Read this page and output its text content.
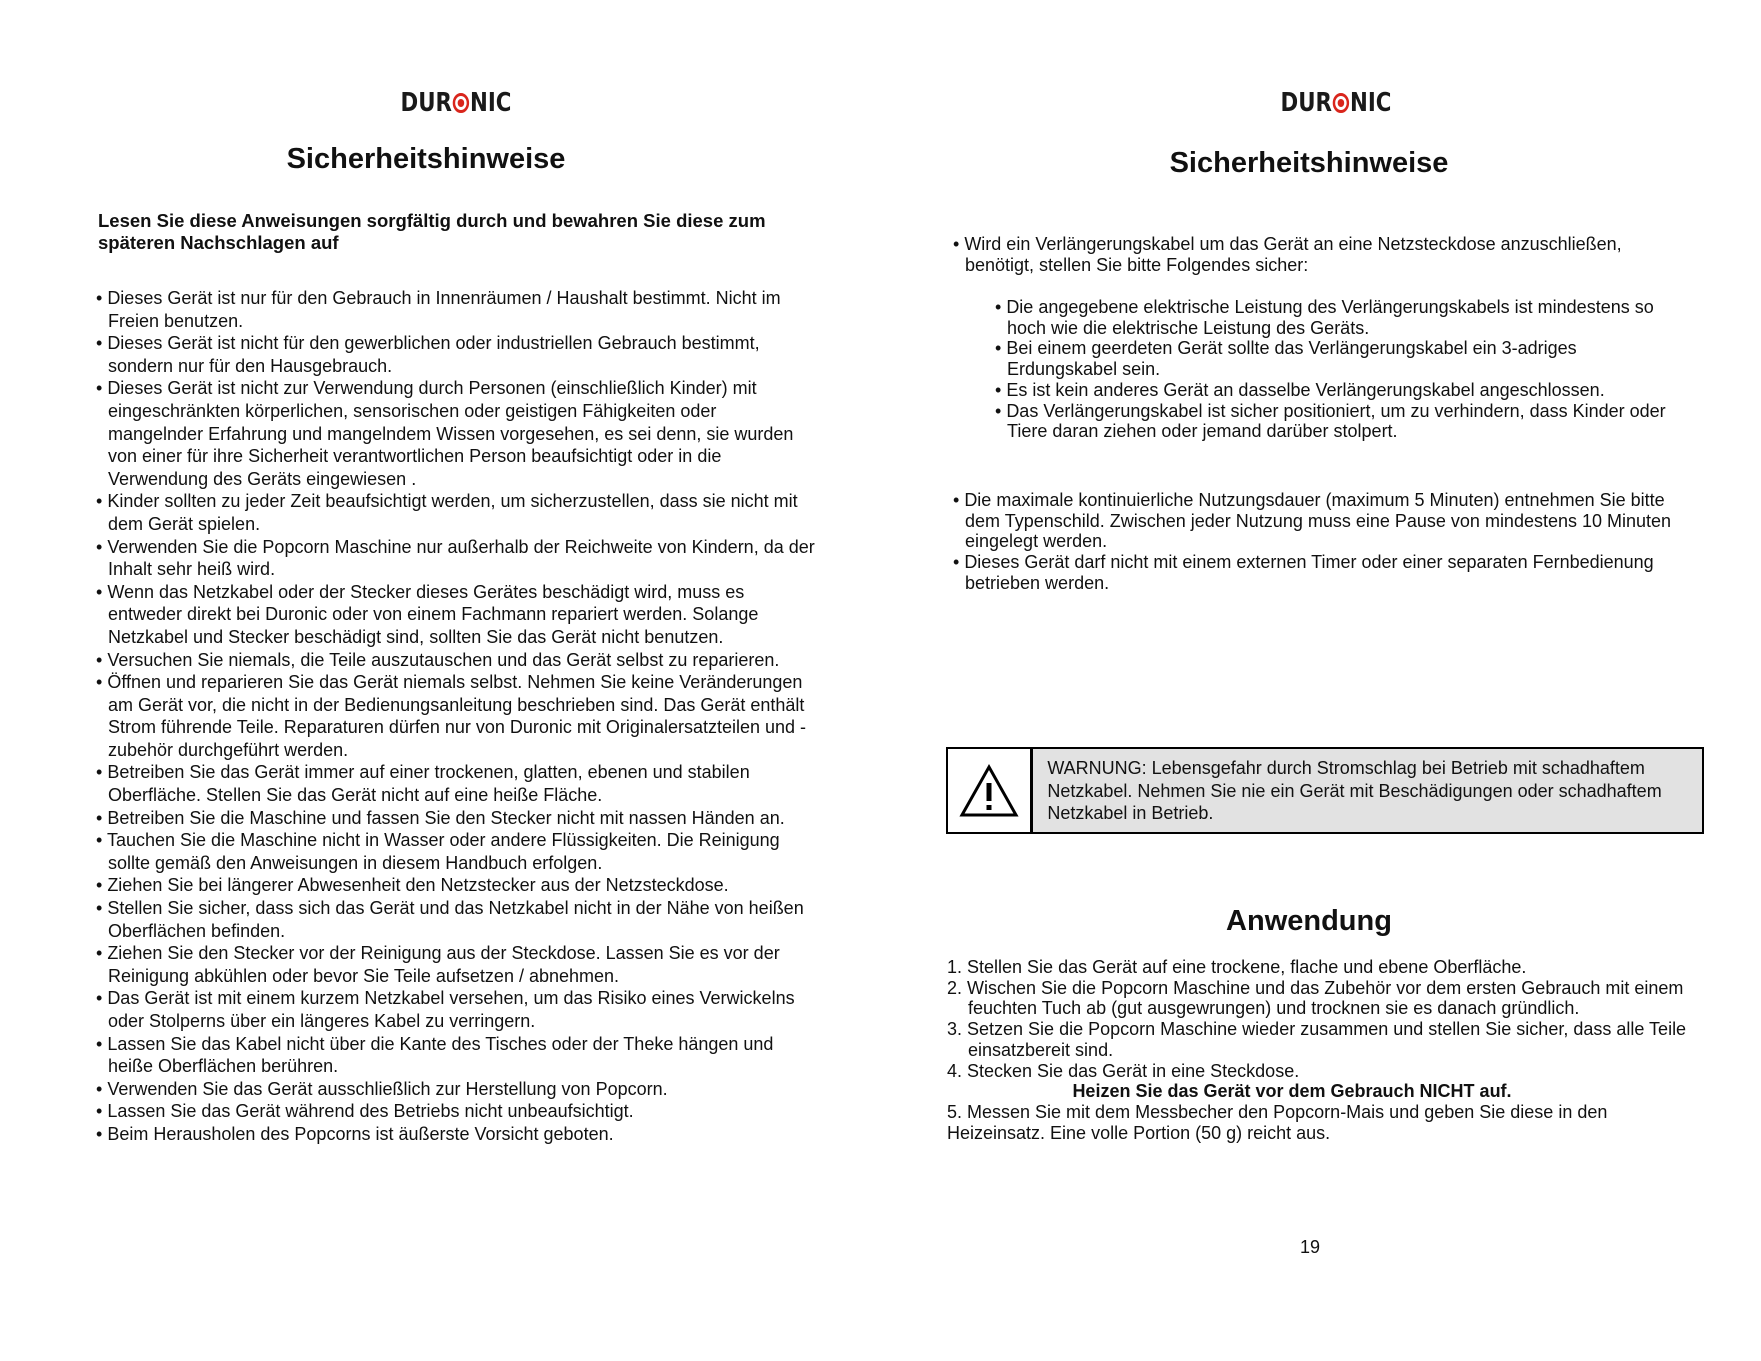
DUR NIC
Sicherheitshinweise
Lesen Sie diese Anweisungen sorgfältig durch und bewahren Sie diese zum späteren Nachschlagen auf
• Dieses Gerät ist nur für den Gebrauch in Innenräumen / Haushalt bestimmt. Nicht im Freien benutzen.
• Dieses Gerät ist nicht für den gewerblichen oder industriellen Gebrauch bestimmt, sondern nur für den Hausgebrauch.
• Dieses Gerät ist nicht zur Verwendung durch Personen (einschließlich Kinder) mit eingeschränkten körperlichen, sensorischen oder geistigen Fähigkeiten oder mangelnder Erfahrung und mangelndem Wissen vorgesehen, es sei denn, sie wurden von einer für ihre Sicherheit verantwortlichen Person beaufsichtigt oder in die Verwendung des Geräts eingewiesen .
• Kinder sollten zu jeder Zeit beaufsichtigt werden, um sicherzustellen, dass sie nicht mit dem Gerät spielen.
• Verwenden Sie die Popcorn Maschine nur außerhalb der Reichweite von Kindern, da der Inhalt sehr heiß wird.
• Wenn das Netzkabel oder der Stecker dieses Gerätes beschädigt wird, muss es entweder direkt bei Duronic oder von einem Fachmann repariert werden. Solange Netzkabel und Stecker beschädigt sind, sollten Sie das Gerät nicht benutzen.
• Versuchen Sie niemals, die Teile auszutauschen und das Gerät selbst zu reparieren.
• Öffnen und reparieren Sie das Gerät niemals selbst. Nehmen Sie keine Veränderungen am Gerät vor, die nicht in der Bedienungsanleitung beschrieben sind. Das Gerät enthält Strom führende Teile. Reparaturen dürfen nur von Duronic mit Originalersatzteilen und -zubehör durchgeführt werden.
• Betreiben Sie das Gerät immer auf einer trockenen, glatten, ebenen und stabilen Oberfläche. Stellen Sie das Gerät nicht auf eine heiße Fläche.
• Betreiben Sie die Maschine und fassen Sie den Stecker nicht mit nassen Händen an.
• Tauchen Sie die Maschine nicht in Wasser oder andere Flüssigkeiten. Die Reinigung sollte gemäß den Anweisungen in diesem Handbuch erfolgen.
• Ziehen Sie bei längerer Abwesenheit den Netzstecker aus der Netzsteckdose.
• Stellen Sie sicher, dass sich das Gerät und das Netzkabel nicht in der Nähe von heißen Oberflächen befinden.
• Ziehen Sie den Stecker vor der Reinigung aus der Steckdose. Lassen Sie es vor der Reinigung abkühlen oder bevor Sie Teile aufsetzen / abnehmen.
• Das Gerät ist mit einem kurzem Netzkabel versehen, um das Risiko eines Verwickelns oder Stolperns über ein längeres Kabel zu verringern.
• Lassen Sie das Kabel nicht über die Kante des Tisches oder der Theke hängen und heiße Oberflächen berühren.
• Verwenden Sie das Gerät ausschließlich zur Herstellung von Popcorn.
• Lassen Sie das Gerät während des Betriebs nicht unbeaufsichtigt.
• Beim Herausholen des Popcorns ist äußerste Vorsicht geboten.
DUR NIC
Sicherheitshinweise
• Wird ein Verlängerungskabel um das Gerät an eine Netzsteckdose anzuschließen, benötigt, stellen Sie bitte Folgendes sicher:
• Die angegebene elektrische Leistung des Verlängerungskabels ist mindestens so hoch wie die elektrische Leistung des Geräts.
• Bei einem geerdeten Gerät sollte das Verlängerungskabel ein 3-adriges Erdungskabel sein.
• Es ist kein anderes Gerät an dasselbe Verlängerungskabel angeschlossen.
• Das Verlängerungskabel ist sicher positioniert, um zu verhindern, dass Kinder oder Tiere daran ziehen oder jemand darüber stolpert.
• Die maximale kontinuierliche Nutzungsdauer (maximum 5 Minuten) entnehmen Sie bitte dem Typenschild. Zwischen jeder Nutzung muss eine Pause von mindestens 10 Minuten eingelegt werden.
• Dieses Gerät darf nicht mit einem externen Timer oder einer separaten Fernbedienung betrieben werden.
WARNUNG: Lebensgefahr durch Stromschlag bei Betrieb mit schadhaftem Netzkabel. Nehmen Sie nie ein Gerät mit Beschädigungen oder schadhaftem Netzkabel in Betrieb.
Anwendung
1. Stellen Sie das Gerät auf eine trockene, flache und ebene Oberfläche.
2. Wischen Sie die Popcorn Maschine und das Zubehör vor dem ersten Gebrauch mit einem feuchten Tuch ab (gut ausgewrungen) und trocknen sie es danach gründlich.
3. Setzen Sie die Popcorn Maschine wieder zusammen und stellen Sie sicher, dass alle Teile einsatzbereit sind.
4. Stecken Sie das Gerät in eine Steckdose.
Heizen Sie das Gerät vor dem Gebrauch NICHT auf.
5. Messen Sie mit dem Messbecher den Popcorn-Mais und geben Sie diese in den Heizeinsatz. Eine volle Portion (50 g) reicht aus.
19
